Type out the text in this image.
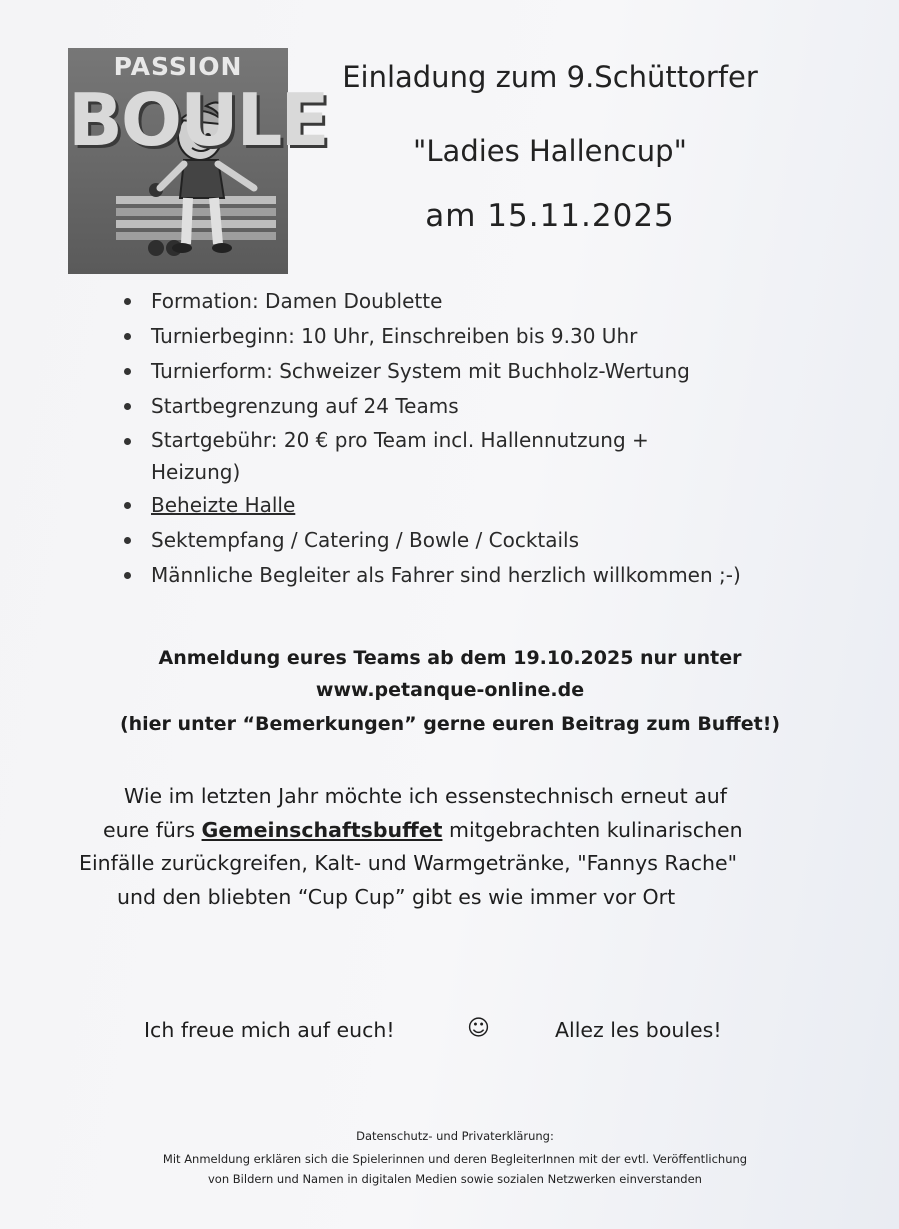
PASSION
BOULE
Einladung zum 9.Schüttorfer
"Ladies Hallencup"
am 15.11.2025
Formation: Damen Doublette
Turnierbeginn: 10 Uhr, Einschreiben bis 9.30 Uhr
Turnierform: Schweizer System mit Buchholz-Wertung
Startbegrenzung auf 24 Teams
Startgebühr: 20 € pro Team incl. Hallennutzung + Heizung)
Beheizte Halle
Sektempfang / Catering / Bowle / Cocktails
Männliche Begleiter als Fahrer sind herzlich willkommen ;-)
Anmeldung eures Teams ab dem 19.10.2025 nur unter
www.petanque-online.de
(hier unter “Bemerkungen” gerne euren Beitrag zum Buffet!)
Wie im letzten Jahr möchte ich essenstechnisch erneut auf
eure fürs Gemeinschaftsbuffet mitgebrachten kulinarischen
Einfälle zurückgreifen, Kalt- und Warmgetränke, "Fannys Rache"
und den bliebten “Cup Cup” gibt es wie immer vor Ort
Ich freue mich auf euch!	☺	Allez les boules!
Datenschutz- und Privaterklärung:
Mit Anmeldung erklären sich die Spielerinnen und deren BegleiterInnen mit der evtl. Veröffentlichung
von Bildern und Namen in digitalen Medien sowie sozialen Netzwerken einverstanden
